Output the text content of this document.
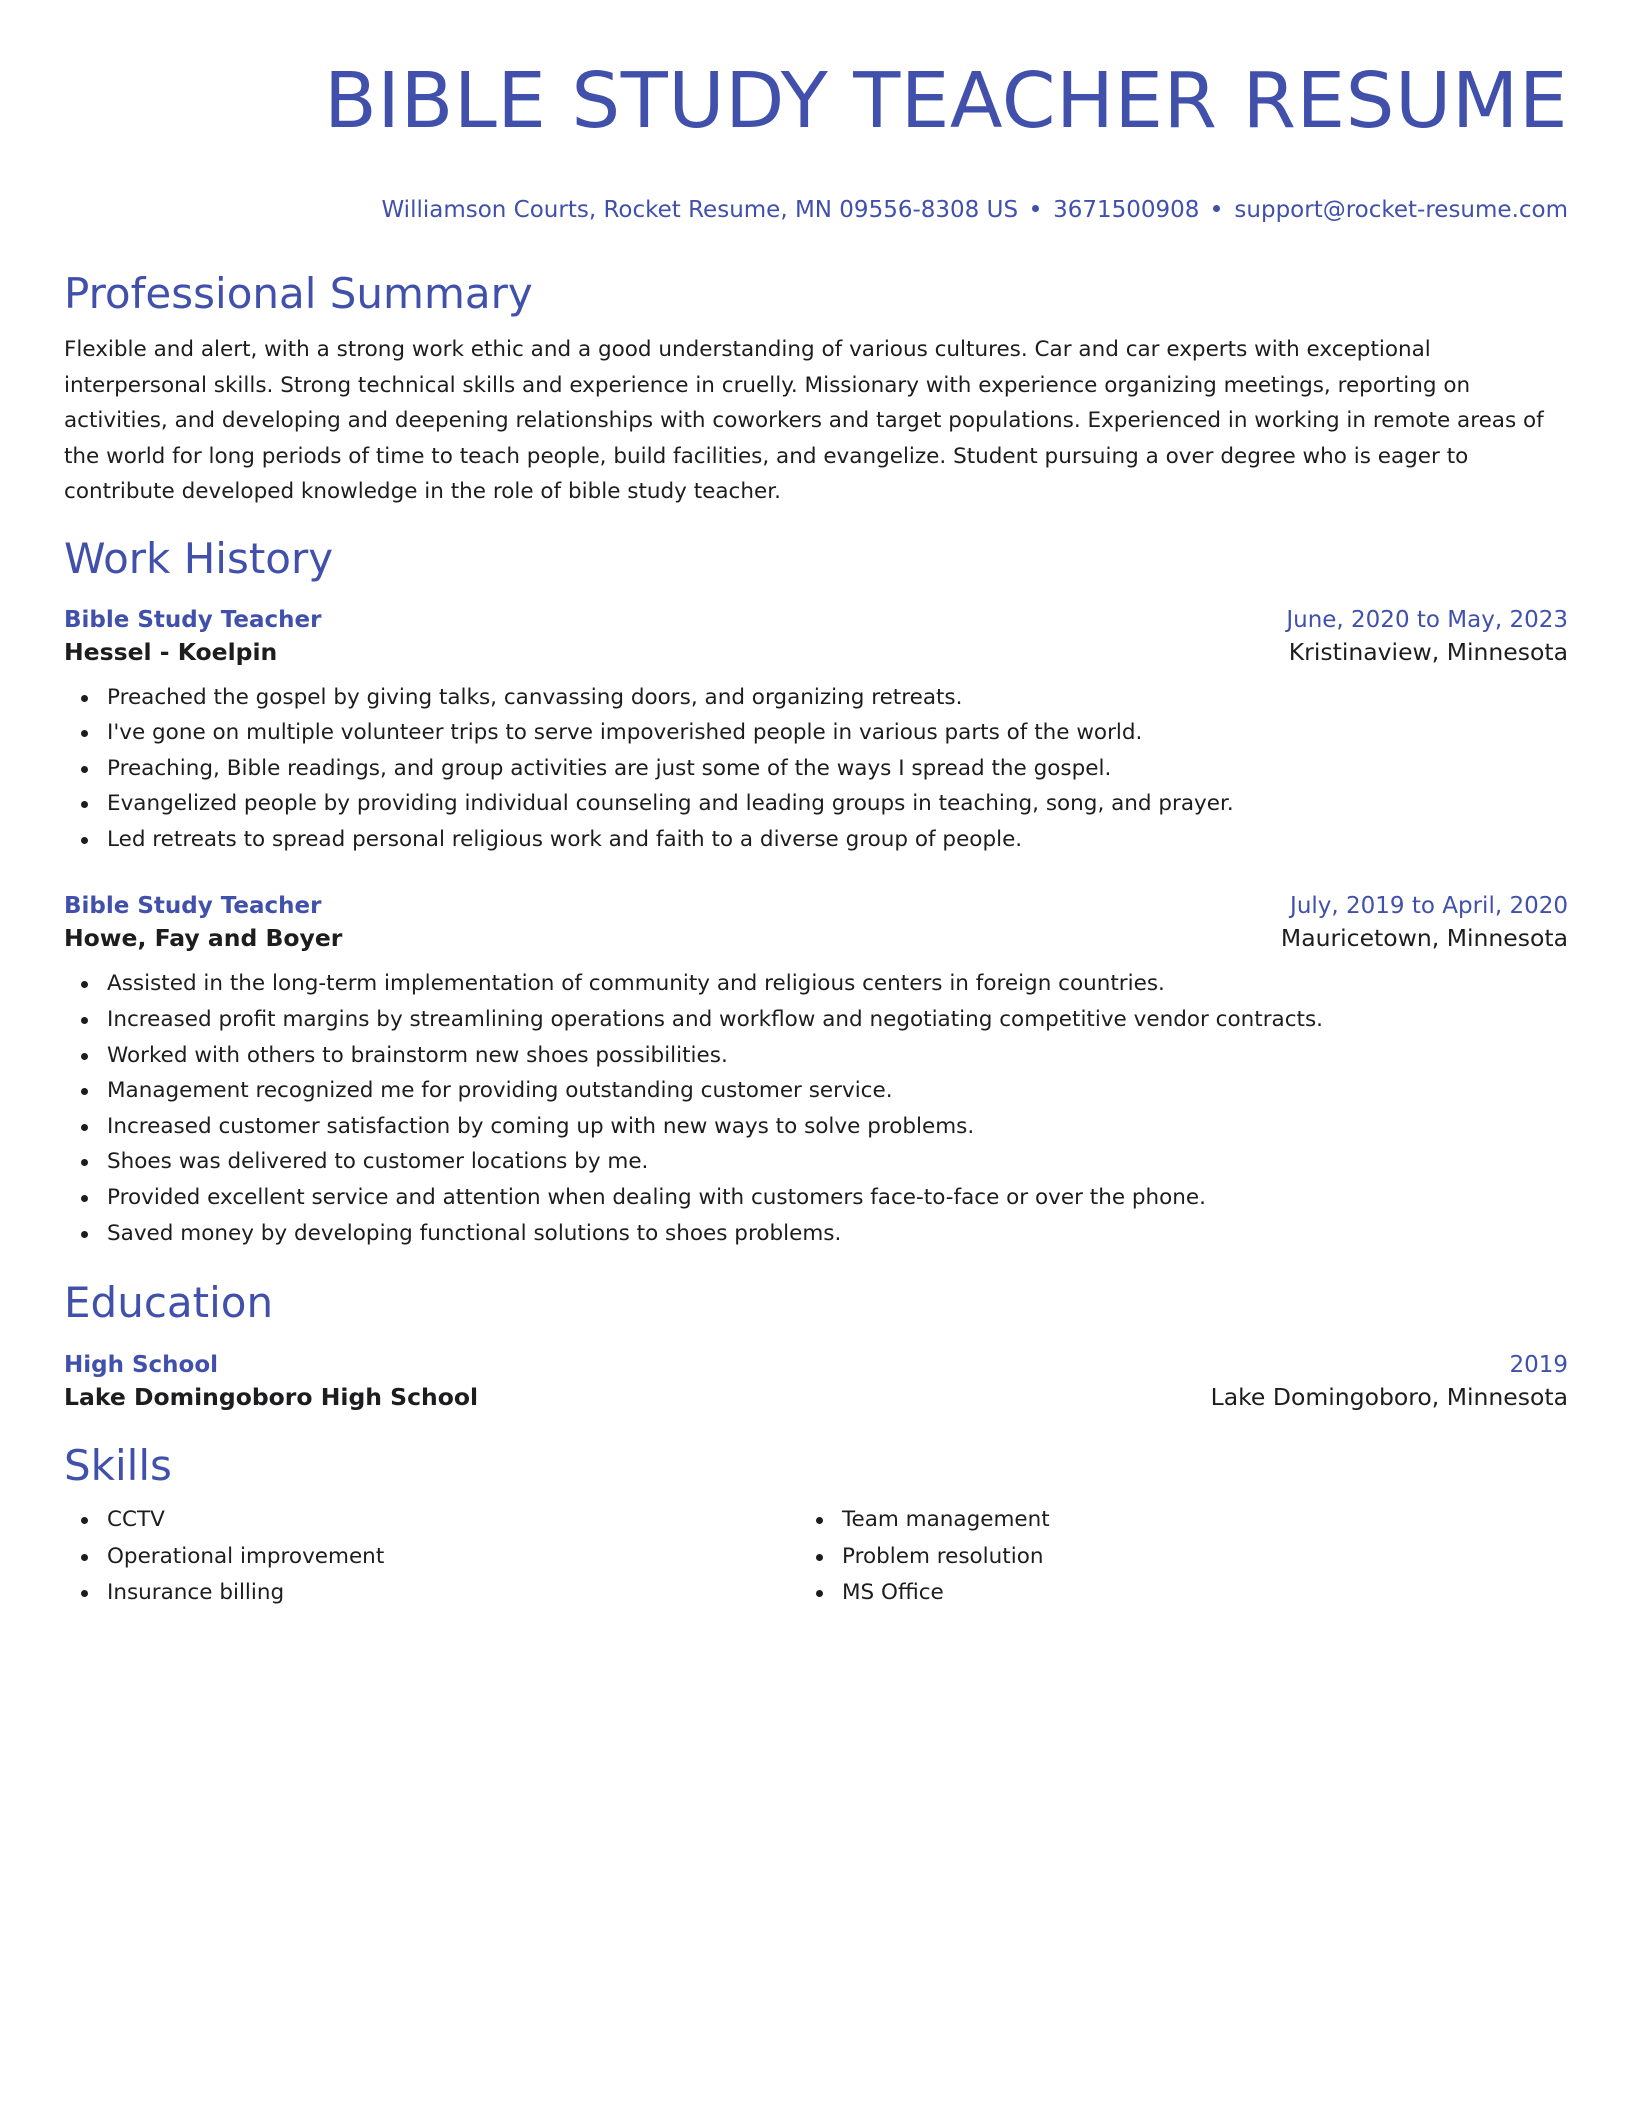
BIBLE STUDY TEACHER RESUME
Williamson Courts, Rocket Resume, MN 09556-8308 US 3671500908 support@rocket-resume.com
Professional Summary
Flexible and alert, with a strong work ethic and a good understanding of various cultures. Car and car experts with exceptional interpersonal skills. Strong technical skills and experience in cruelly. Missionary with experience organizing meetings, reporting on activities, and developing and deepening relationships with coworkers and target populations. Experienced in working in remote areas of the world for long periods of time to teach people, build facilities, and evangelize. Student pursuing a over degree who is eager to contribute developed knowledge in the role of bible study teacher.
Work History
Bible Study Teacher	June, 2020 to May, 2023
Hessel - Koelpin	Kristinaview, Minnesota
Preached the gospel by giving talks, canvassing doors, and organizing retreats.
I've gone on multiple volunteer trips to serve impoverished people in various parts of the world.
Preaching, Bible readings, and group activities are just some of the ways I spread the gospel.
Evangelized people by providing individual counseling and leading groups in teaching, song, and prayer.
Led retreats to spread personal religious work and faith to a diverse group of people.
Bible Study Teacher	July, 2019 to April, 2020
Howe, Fay and Boyer	Mauricetown, Minnesota
Assisted in the long-term implementation of community and religious centers in foreign countries.
Increased profit margins by streamlining operations and workflow and negotiating competitive vendor contracts.
Worked with others to brainstorm new shoes possibilities.
Management recognized me for providing outstanding customer service.
Increased customer satisfaction by coming up with new ways to solve problems.
Shoes was delivered to customer locations by me.
Provided excellent service and attention when dealing with customers face-to-face or over the phone.
Saved money by developing functional solutions to shoes problems.
Education
High School	2019
Lake Domingoboro High School	Lake Domingoboro, Minnesota
Skills
CCTV
Operational improvement
Insurance billing
Team management
Problem resolution
MS Office
